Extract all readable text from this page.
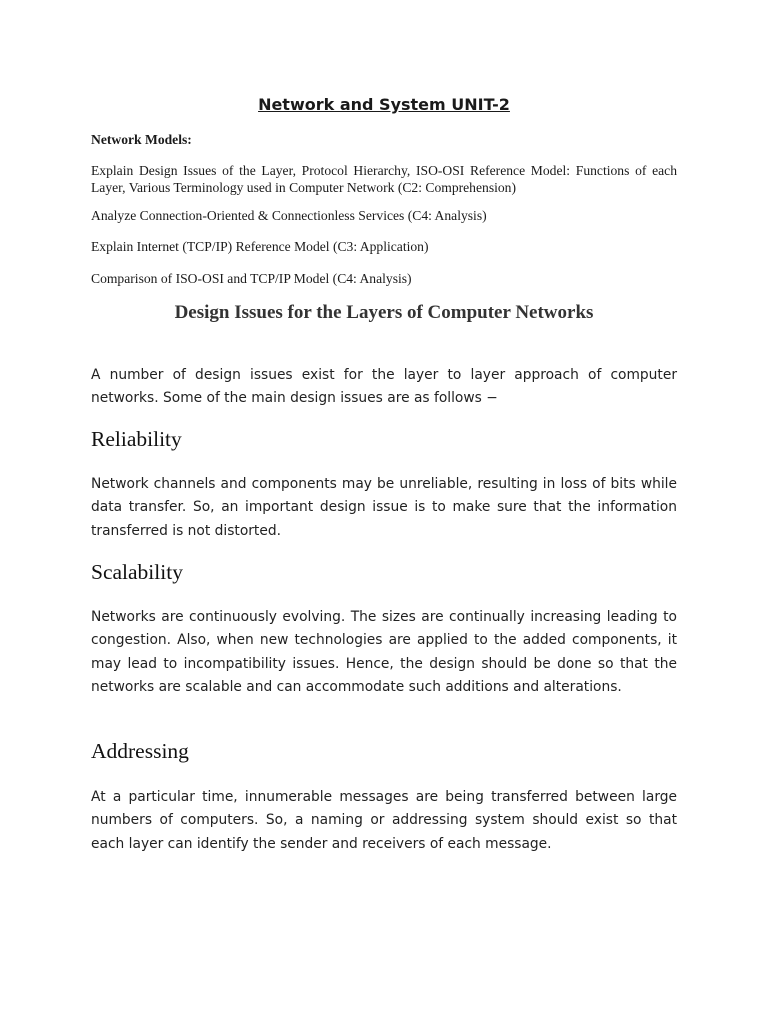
Network and System UNIT-2

Network Models:

Explain Design Issues of the Layer, Protocol Hierarchy, ISO-OSI Reference Model: Functions of each Layer, Various Terminology used in Computer Network (C2: Comprehension)

Analyze Connection-Oriented & Connectionless Services (C4: Analysis)

Explain Internet (TCP/IP) Reference Model (C3: Application)

Comparison of ISO-OSI and TCP/IP Model (C4: Analysis)

Design Issues for the Layers of Computer Networks

A number of design issues exist for the layer to layer approach of computer networks. Some of the main design issues are as follows −

Reliability

Network channels and components may be unreliable, resulting in loss of bits while data transfer. So, an important design issue is to make sure that the information transferred is not distorted.

Scalability

Networks are continuously evolving. The sizes are continually increasing leading to congestion. Also, when new technologies are applied to the added components, it may lead to incompatibility issues. Hence, the design should be done so that the networks are scalable and can accommodate such additions and alterations.

Addressing

At a particular time, innumerable messages are being transferred between large numbers of computers. So, a naming or addressing system should exist so that each layer can identify the sender and receivers of each message.
